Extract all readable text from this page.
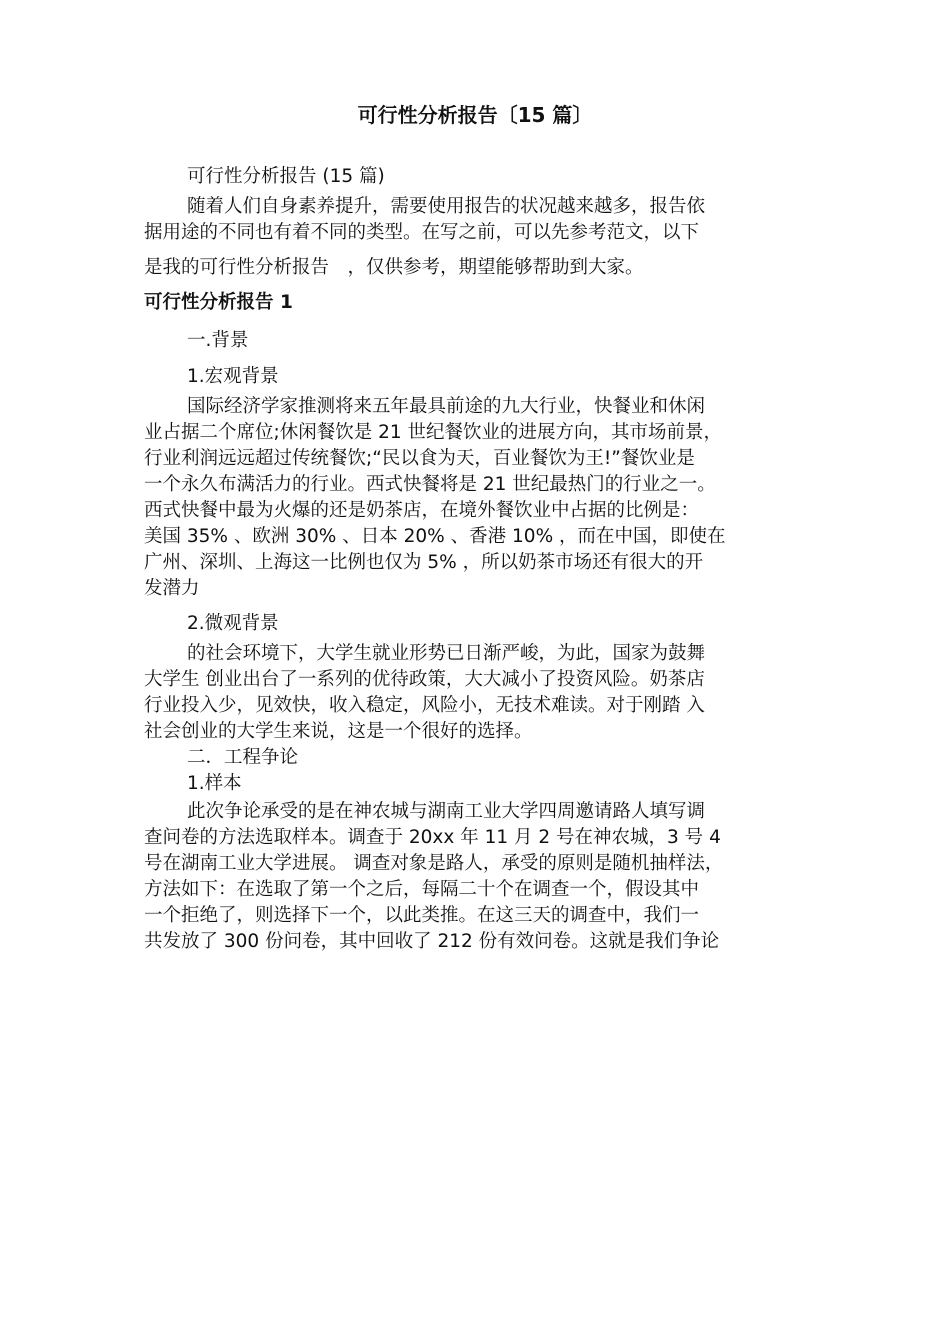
可行性分析报告〔15 篇〕
可行性分析报告 (15 篇)
随着人们自身素养提升，需要使用报告的状况越来越多，报告依
据用途的不同也有着不同的类型。在写之前，可以先参考范文，以下
是我的可行性分析报告　，仅供参考，期望能够帮助到大家。
可行性分析报告 1
一.背景
1.宏观背景
国际经济学家推测将来五年最具前途的九大行业，快餐业和休闲
业占据二个席位;休闲餐饮是 21 世纪餐饮业的进展方向，其市场前景，
行业利润远远超过传统餐饮;“民以食为天，百业餐饮为王!”餐饮业是
一个永久布满活力的行业。西式快餐将是 21 世纪最热门的行业之一。
西式快餐中最为火爆的还是奶茶店，在境外餐饮业中占据的比例是：
美国 35% 、欧洲 30% 、日本 20% 、香港 10% ，而在中国，即使在
广州、深圳、上海这一比例也仅为 5% ，所以奶茶市场还有很大的开
发潜力
2.微观背景
的社会环境下，大学生就业形势已日渐严峻，为此，国家为鼓舞
大学生 创业出台了一系列的优待政策，大大减小了投资风险。奶茶店
行业投入少，见效快，收入稳定，风险小，无技术难读。对于刚踏 入
社会创业的大学生来说，这是一个很好的选择。
二．工程争论
1.样本
此次争论承受的是在神农城与湖南工业大学四周邀请路人填写调
查问卷的方法选取样本。调查于 20xx 年 11 月 2 号在神农城，3 号 4
号在湖南工业大学进展。 调查对象是路人，承受的原则是随机抽样法，
方法如下：在选取了第一个之后，每隔二十个在调查一个，假设其中
一个拒绝了，则选择下一个，以此类推。在这三天的调查中，我们一
共发放了 300 份问卷，其中回收了 212 份有效问卷。这就是我们争论
